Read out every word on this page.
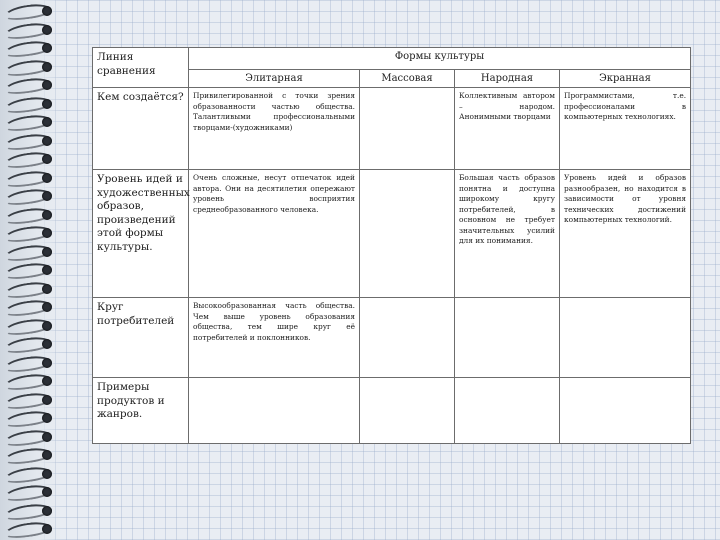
Линия сравнения	Формы культуры			
	Элитарная	Массовая	Народная	Экранная
Кем создаётся?	Привилегированной с точки зрения образованности частью общества. Талантливыми профессиональными творцами-(художниками)		Коллективным автором – народом. Анонимными творцами	Программистами, т.е. профессионалами в компьютерных технологиях.
Уровень идей и художественных образов, произведений этой формы культуры.	Очень сложные, несут отпечаток идей автора. Они на десятилетия опережают уровень восприятия среднеобразованного человека.		Большая часть образов понятна и доступна широкому кругу потребителей, в основном не требует значительных усилий для их понимания.	Уровень идей и образов разнообразен, но находится в зависимости от уровня технических достижений компьютерных технологий.
Круг потребителей	Высокообразованная часть общества. Чем выше уровень образования общества, тем шире круг её потребителей и поклонников.			
Примеры продуктов и жанров.				
